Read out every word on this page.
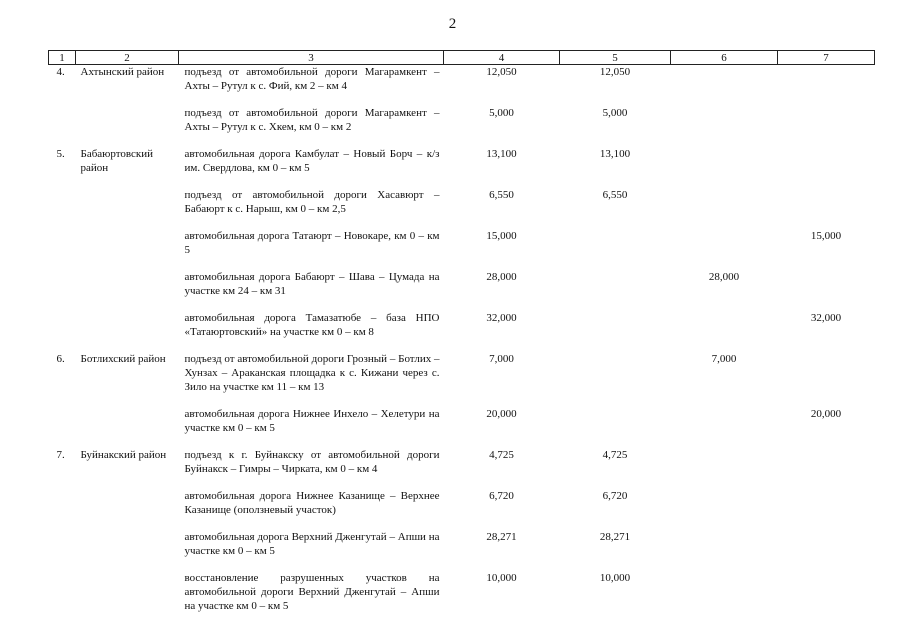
2
1	2	3	4	5	6	7
4.	Ахтынский район	подъезд от автомобильной дороги Магарамкент – Ахты – Рутул к с. Фий, км 2 – км 4	12,050	12,050		
		подъезд от автомобильной дороги Магарамкент – Ахты – Рутул к с. Хкем, км 0 – км 2	5,000	5,000		
5.	Бабаюртовский район	автомобильная дорога Камбулат – Новый Борч – к/з им. Свердлова, км 0 – км 5	13,100	13,100		
		подъезд от автомобильной дороги Хасавюрт – Бабаюрт к с. Нарыш, км 0 – км 2,5	6,550	6,550		
		автомобильная дорога Татаюрт – Новокаре, км 0 – км 5	15,000			15,000
		автомобильная дорога Бабаюрт – Шава – Цумада на участке км 24 – км 31	28,000		28,000	
		автомобильная дорога Тамазатюбе – база НПО «Татаюртовский» на участке км 0 – км 8	32,000			32,000
6.	Ботлихский район	подъезд от автомобильной дороги Грозный – Ботлих – Хунзах – Араканская площадка к с. Кижани через с. Зило на участке км 11 – км 13	7,000		7,000	
		автомобильная дорога Нижнее Инхело – Хелетури на участке км 0 – км 5	20,000			20,000
7.	Буйнакский район	подъезд к г. Буйнакску от автомобильной дороги Буйнакск – Гимры – Чирката, км 0 – км 4	4,725	4,725		
		автомобильная дорога Нижнее Казанище – Верхнее Казанище (оползневый участок)	6,720	6,720		
		автомобильная дорога Верхний Дженгутай – Апши на участке км 0 – км 5	28,271	28,271		
		восстановление разрушенных участков на автомобильной дороги Верхний Дженгутай – Апши на участке км 0 – км 5	10,000	10,000		
